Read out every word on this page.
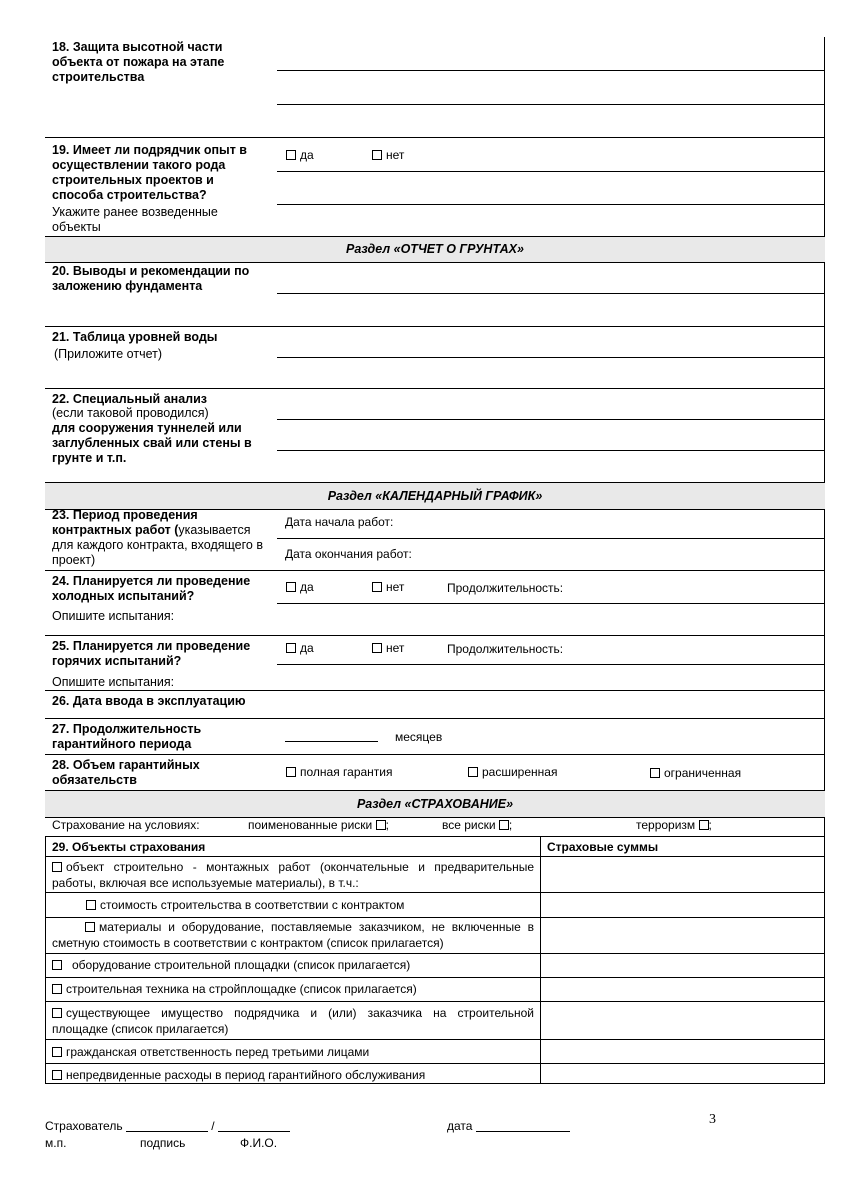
18. Защита высотной части объекта от пожара на этапе строительства
19. Имеет ли подрядчик опыт в осуществлении такого рода строительных проектов и способа строительства?
Укажите ранее возведенные объекты
да	нет
Раздел «ОТЧЕТ О ГРУНТАХ»
20. Выводы и рекомендации по заложению фундамента
21. Таблица уровней воды
(Приложите отчет)
22. Специальный анализ
(если таковой проводился)
для сооружения туннелей или заглубленных свай или стены в грунте и т.п.
Раздел «КАЛЕНДАРНЫЙ ГРАФИК»
23. Период проведения контрактных работ (указывается для каждого контракта, входящего в проект)
Дата начала работ:
Дата окончания работ:
24. Планируется ли проведение холодных испытаний?
да	нет	Продолжительность:
Опишите испытания:
25. Планируется ли проведение горячих испытаний?
да	нет	Продолжительность:
Опишите испытания:
26. Дата ввода в эксплуатацию
27. Продолжительность гарантийного периода	месяцев
28. Объем гарантийных обязательств
полная гарантия	расширенная	ограниченная
Раздел «СТРАХОВАНИЕ»
Страхование на условиях:	поименованные риски ;	все риски ;	терроризм ;
29. Объекты страхования	Страховые суммы
объект строительно - монтажных работ (окончательные и предварительные работы, включая все используемые материалы), в т.ч.:
стоимость строительства в соответствии с контрактом
материалы и оборудование, поставляемые заказчиком, не включенные в сметную стоимость в соответствии с контрактом (список прилагается)
оборудование строительной площадки (список прилагается)
строительная техника на стройплощадке (список прилагается)
существующее имущество подрядчика и (или) заказчика на строительной площадке (список прилагается)
гражданская ответственность перед третьими лицами
непредвиденные расходы в период гарантийного обслуживания
Страхователь	/	дата
м.п.	подпись	Ф.И.О.
3
